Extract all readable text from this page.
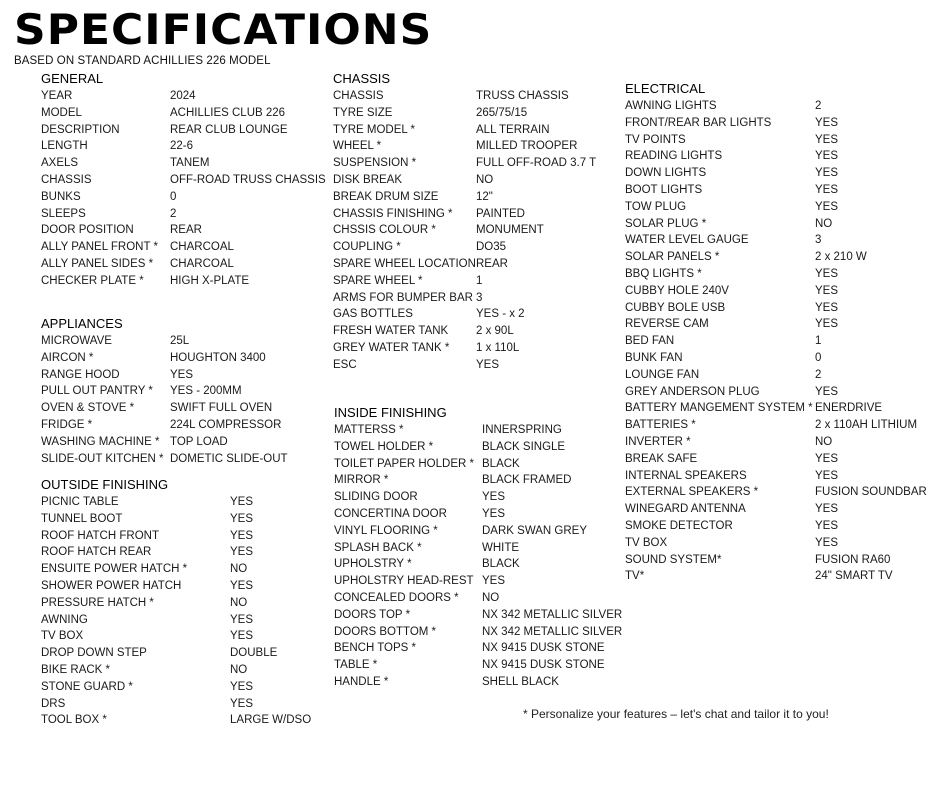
SPECIFICATIONS
BASED ON STANDARD ACHILLIES 226 MODEL
GENERAL
YEAR	2024
MODEL	ACHILLIES CLUB 226
DESCRIPTION	REAR CLUB LOUNGE
LENGTH	22-6
AXELS	TANEM
CHASSIS	OFF-ROAD TRUSS CHASSIS
BUNKS	0
SLEEPS	2
DOOR POSITION	REAR
ALLY PANEL FRONT *	CHARCOAL
ALLY PANEL SIDES *	CHARCOAL
CHECKER PLATE *	HIGH X-PLATE
APPLIANCES
MICROWAVE	25L
AIRCON *	HOUGHTON 3400
RANGE HOOD	YES
PULL OUT PANTRY *	YES - 200MM
OVEN & STOVE *	SWIFT FULL OVEN
FRIDGE *	224L COMPRESSOR
WASHING MACHINE * TOP LOAD
SLIDE-OUT KITCHEN * DOMETIC SLIDE-OUT
OUTSIDE FINISHING
PICNIC TABLE	YES
TUNNEL BOOT	YES
ROOF HATCH FRONT	YES
ROOF HATCH REAR	YES
ENSUITE POWER HATCH *	NO
SHOWER POWER HATCH	YES
PRESSURE HATCH *	NO
AWNING	YES
TV BOX	YES
DROP DOWN STEP	DOUBLE
BIKE RACK *	NO
STONE GUARD *	YES
DRS	YES
TOOL BOX *	LARGE W/DSO
CHASSIS
CHASSIS	TRUSS CHASSIS
TYRE SIZE	265/75/15
TYRE MODEL *	ALL TERRAIN
WHEEL *	MILLED TROOPER
SUSPENSION *	FULL OFF-ROAD 3.7 T
DISK BREAK	NO
BREAK DRUM SIZE	12"
CHASSIS FINISHING *	PAINTED
CHSSIS COLOUR *	MONUMENT
COUPLING *	DO35
SPARE WHEEL LOCATION REAR
SPARE WHEEL *	1
ARMS FOR BUMPER BAR 3
GAS BOTTLES	YES - x 2
FRESH WATER TANK	2 x 90L
GREY WATER TANK *	1 x 110L
ESC	YES
INSIDE FINISHING
MATTERSS *	INNERSPRING
TOWEL HOLDER *	BLACK SINGLE
TOILET PAPER HOLDER * BLACK
MIRROR *	BLACK FRAMED
SLIDING DOOR	YES
CONCERTINA DOOR	YES
VINYL FLOORING *	DARK SWAN GREY
SPLASH BACK *	WHITE
UPHOLSTRY *	BLACK
UPHOLSTRY HEAD-REST YES
CONCEALED DOORS *	NO
DOORS TOP *	NX 342 METALLIC SILVER
DOORS BOTTOM *	NX 342 METALLIC SILVER
BENCH TOPS *	NX 9415 DUSK STONE
TABLE *	NX 9415 DUSK STONE
HANDLE *	SHELL BLACK
ELECTRICAL
AWNING LIGHTS	2
FRONT/REAR BAR LIGHTS	YES
TV POINTS	YES
READING LIGHTS	YES
DOWN LIGHTS	YES
BOOT LIGHTS	YES
TOW PLUG	YES
SOLAR PLUG *	NO
WATER LEVEL GAUGE	3
SOLAR PANELS *	2 x 210 W
BBQ LIGHTS *	YES
CUBBY HOLE 240V	YES
CUBBY BOLE USB	YES
REVERSE CAM	YES
BED FAN	1
BUNK FAN	0
LOUNGE FAN	2
GREY ANDERSON PLUG	YES
BATTERY MANGEMENT SYSTEM * ENERDRIVE
BATTERIES *	2 x 110AH LITHIUM
INVERTER *	NO
BREAK SAFE	YES
INTERNAL SPEAKERS	YES
EXTERNAL SPEAKERS *	FUSION SOUNDBAR
WINEGARD ANTENNA	YES
SMOKE DETECTOR	YES
TV BOX	YES
SOUND SYSTEM*	FUSION RA60
TV*	24" SMART TV
* Personalize your features – let's chat and tailor it to you!
